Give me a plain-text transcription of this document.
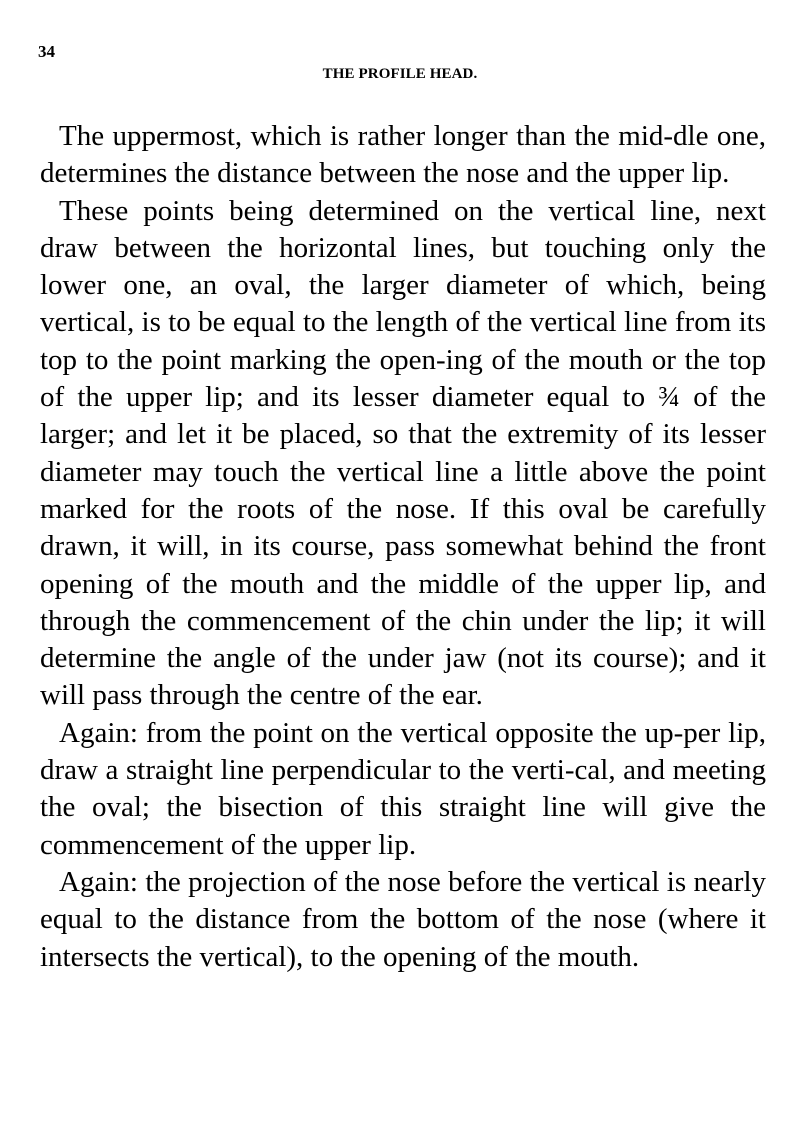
34
THE PROFILE HEAD.

The uppermost, which is rather longer than the mid-dle one, determines the distance between the nose and the upper lip.

These points being determined on the vertical line, next draw between the horizontal lines, but touching only the lower one, an oval, the larger diameter of which, being vertical, is to be equal to the length of the vertical line from its top to the point marking the open-ing of the mouth or the top of the upper lip; and its lesser diameter equal to ¾ of the larger; and let it be placed, so that the extremity of its lesser diameter may touch the vertical line a little above the point marked for the roots of the nose. If this oval be carefully drawn, it will, in its course, pass somewhat behind the front opening of the mouth and the middle of the upper lip, and through the commencement of the chin under the lip; it will determine the angle of the under jaw (not its course); and it will pass through the centre of the ear.

Again: from the point on the vertical opposite the up-per lip, draw a straight line perpendicular to the verti-cal, and meeting the oval; the bisection of this straight line will give the commencement of the upper lip.

Again: the projection of the nose before the vertical is nearly equal to the distance from the bottom of the nose (where it intersects the vertical), to the opening of the mouth.
